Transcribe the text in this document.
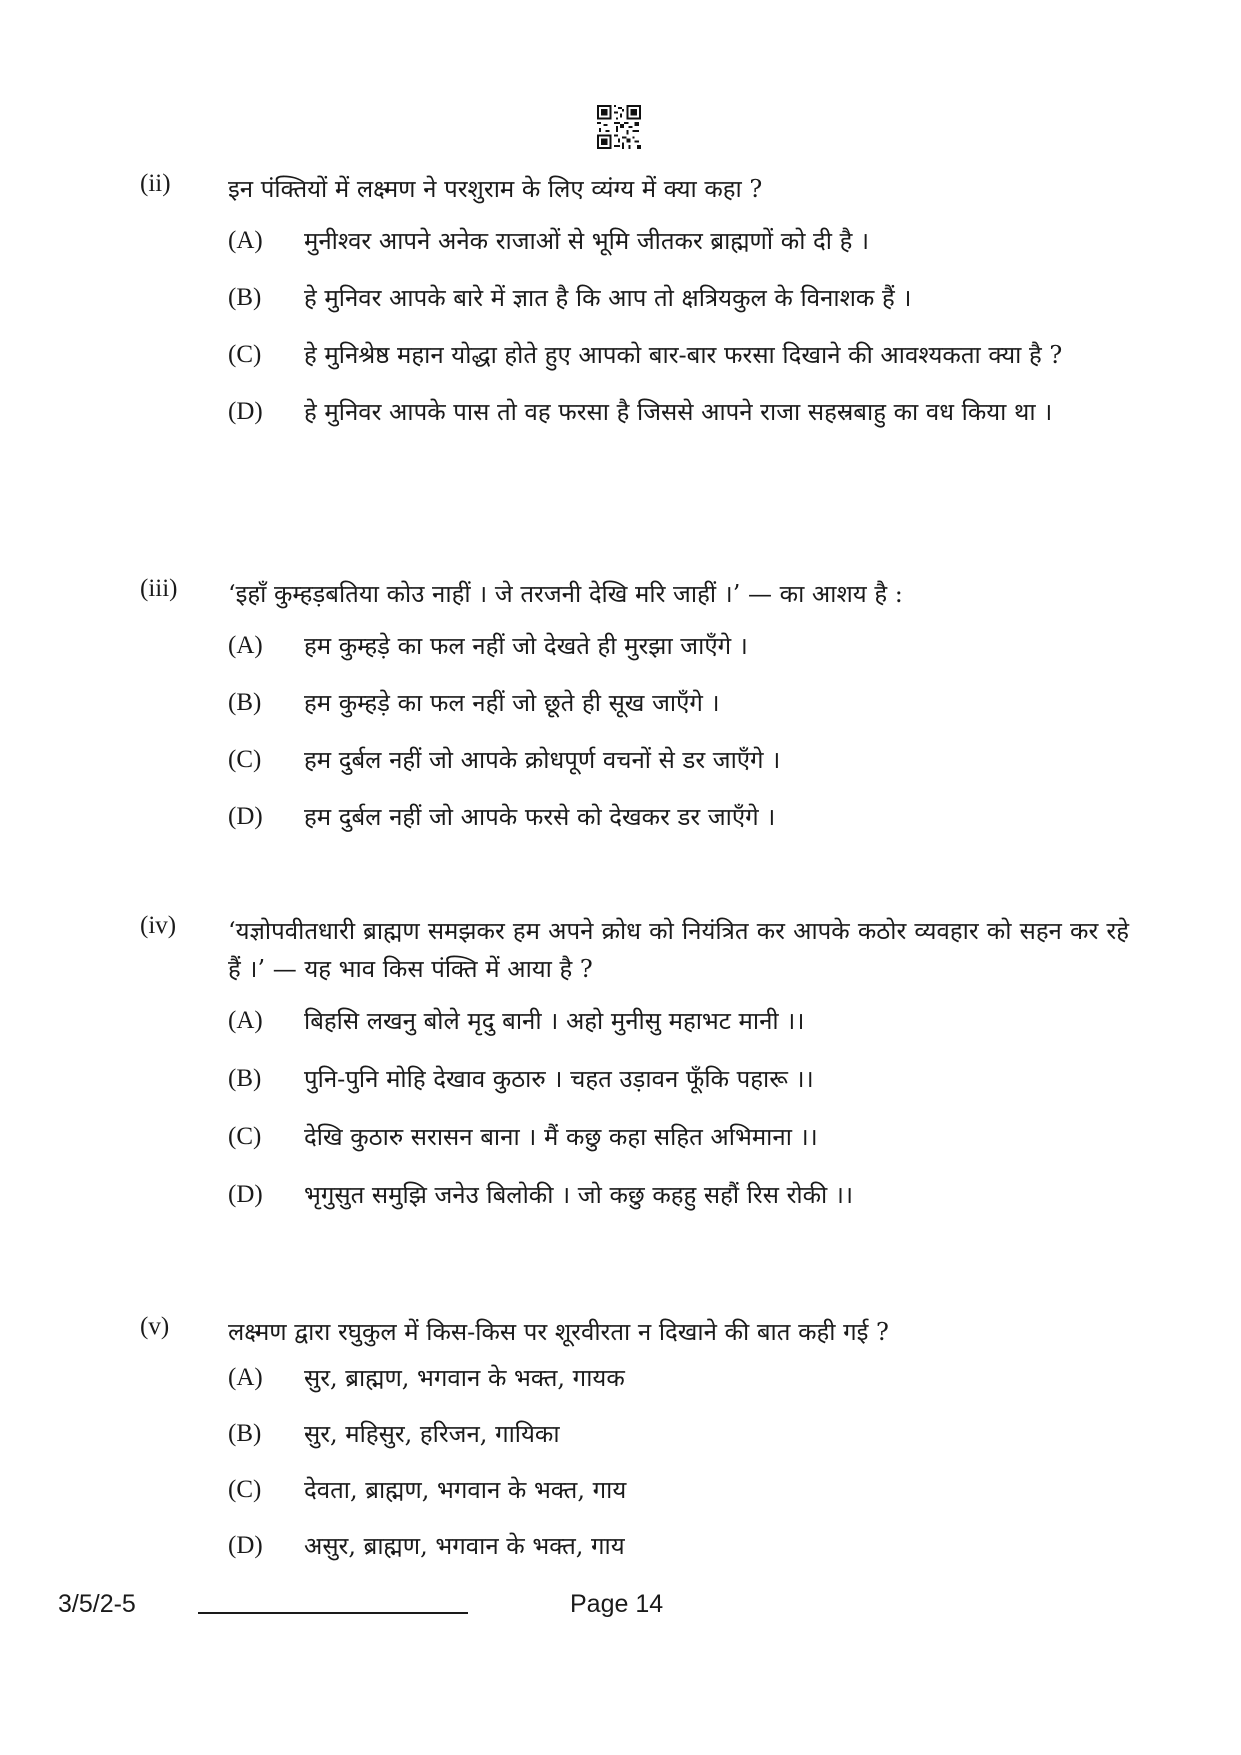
(ii) इन पंक्तियों में लक्ष्मण ने परशुराम के लिए व्यंग्य में क्या कहा ?
(A) मुनीश्वर आपने अनेक राजाओं से भूमि जीतकर ब्राह्मणों को दी है ।
(B) हे मुनिवर आपके बारे में ज्ञात है कि आप तो क्षत्रियकुल के विनाशक हैं ।
(C) हे मुनिश्रेष्ठ महान योद्धा होते हुए आपको बार-बार फरसा दिखाने की आवश्यकता क्या है ?
(D) हे मुनिवर आपके पास तो वह फरसा है जिससे आपने राजा सहस्रबाहु का वध किया था ।
(iii) ‘इहाँ कुम्हड़बतिया कोउ नाहीं । जे तरजनी देखि मरि जाहीं ।’ — का आशय है :
(A) हम कुम्हड़े का फल नहीं जो देखते ही मुरझा जाएँगे ।
(B) हम कुम्हड़े का फल नहीं जो छूते ही सूख जाएँगे ।
(C) हम दुर्बल नहीं जो आपके क्रोधपूर्ण वचनों से डर जाएँगे ।
(D) हम दुर्बल नहीं जो आपके फरसे को देखकर डर जाएँगे ।
(iv) ‘यज्ञोपवीतधारी ब्राह्मण समझकर हम अपने क्रोध को नियंत्रित कर आपके कठोर व्यवहार को सहन कर रहे हैं ।’ — यह भाव किस पंक्ति में आया है ?
(A) बिहसि लखनु बोले मृदु बानी । अहो मुनीसु महाभट मानी ।।
(B) पुनि-पुनि मोहि देखाव कुठारु । चहत उड़ावन फूँकि पहारू ।।
(C) देखि कुठारु सरासन बाना । मैं कछु कहा सहित अभिमाना ।।
(D) भृगुसुत समुझि जनेउ बिलोकी । जो कछु कहहु सहौं रिस रोकी ।।
(v) लक्ष्मण द्वारा रघुकुल में किस-किस पर शूरवीरता न दिखाने की बात कही गई ?
(A) सुर, ब्राह्मण, भगवान के भक्त, गायक
(B) सुर, महिसुर, हरिजन, गायिका
(C) देवता, ब्राह्मण, भगवान के भक्त, गाय
(D) असुर, ब्राह्मण, भगवान के भक्त, गाय
3/5/2-5	Page 14
